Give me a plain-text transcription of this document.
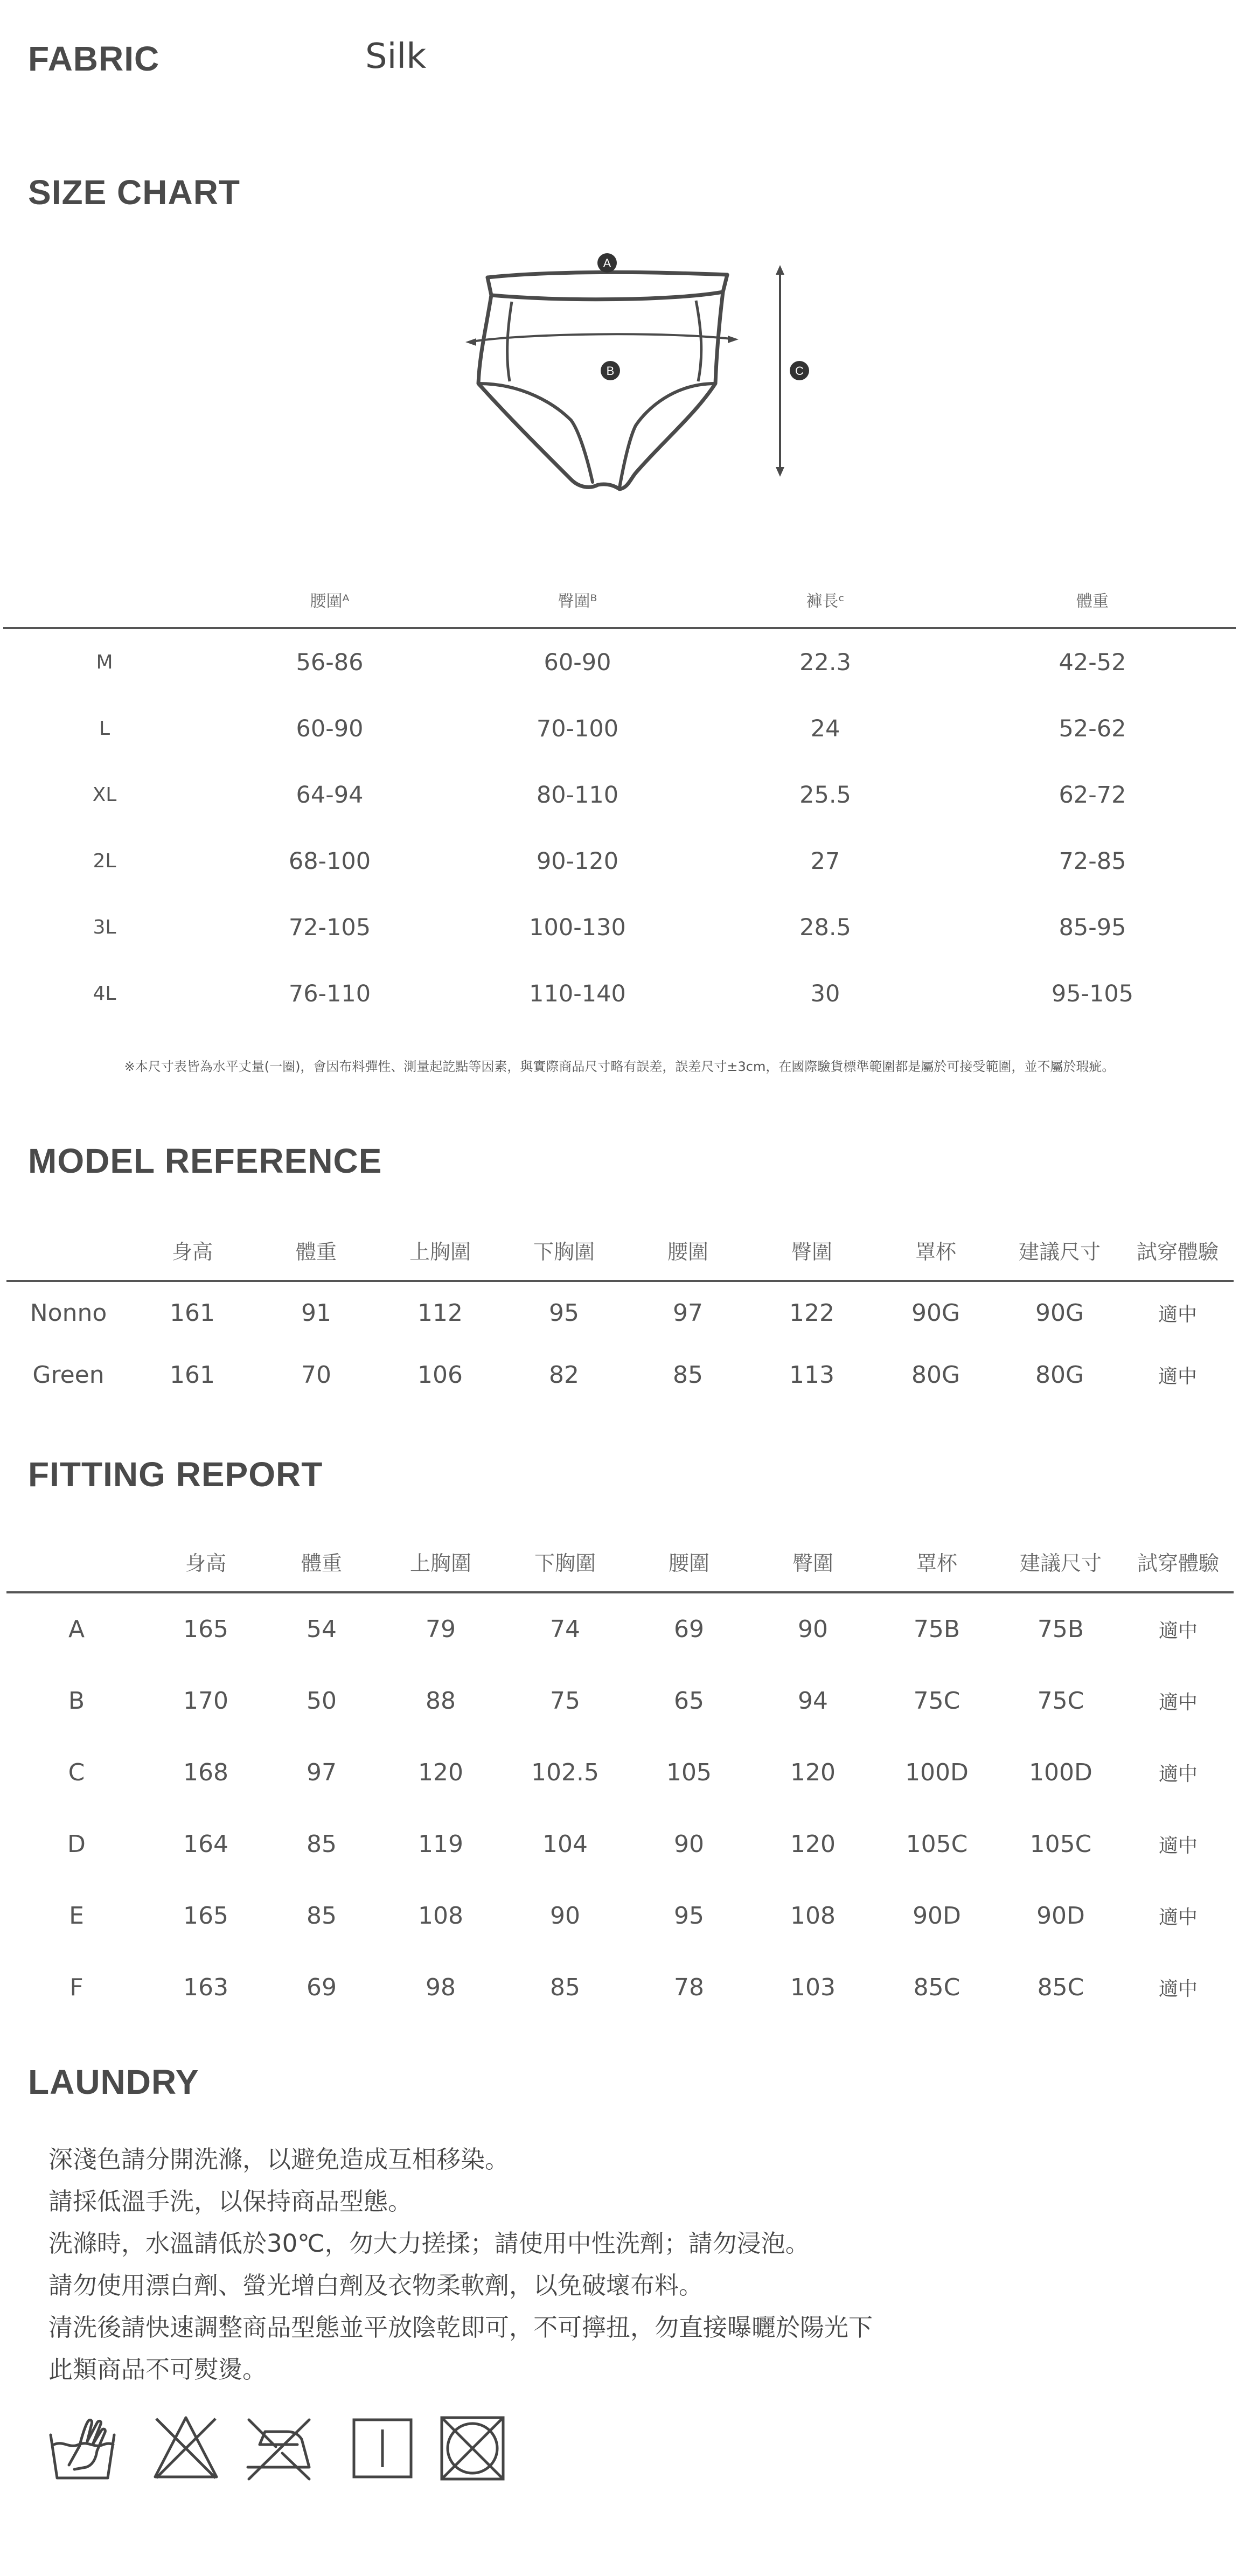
FABRIC	Silk
SIZE CHART
A
B	C
	腰圍ᴬ	臀圍ᴮ	褲長ᶜ	體重
M	56-86	60-90	22.3	42-52
L	60-90	70-100	24	52-62
XL	64-94	80-110	25.5	62-72
2L	68-100	90-120	27	72-85
3L	72-105	100-130	28.5	85-95
4L	76-110	110-140	30	95-105
※本尺寸表皆為水平丈量(一圈)，會因布料彈性、測量起訖點等因素，與實際商品尺寸略有誤差，誤差尺寸±3cm，在國際驗貨標準範圍都是屬於可接受範圍，並不屬於瑕疵。
MODEL REFERENCE
	身高	體重	上胸圍	下胸圍	腰圍	臀圍	罩杯	建議尺寸	試穿體驗
Nonno	161	91	112	95	97	122	90G	90G	適中
Green	161	70	106	82	85	113	80G	80G	適中
FITTING REPORT
	身高	體重	上胸圍	下胸圍	腰圍	臀圍	罩杯	建議尺寸	試穿體驗
A	165	54	79	74	69	90	75B	75B	適中
B	170	50	88	75	65	94	75C	75C	適中
C	168	97	120	102.5	105	120	100D	100D	適中
D	164	85	119	104	90	120	105C	105C	適中
E	165	85	108	90	95	108	90D	90D	適中
F	163	69	98	85	78	103	85C	85C	適中
LAUNDRY
深淺色請分開洗滌，以避免造成互相移染。
請採低溫手洗，以保持商品型態。
洗滌時，水溫請低於30℃，勿大力搓揉；請使用中性洗劑；請勿浸泡。
請勿使用漂白劑、螢光增白劑及衣物柔軟劑，以免破壞布料。
清洗後請快速調整商品型態並平放陰乾即可，不可擰扭，勿直接曝曬於陽光下
此類商品不可熨燙。
